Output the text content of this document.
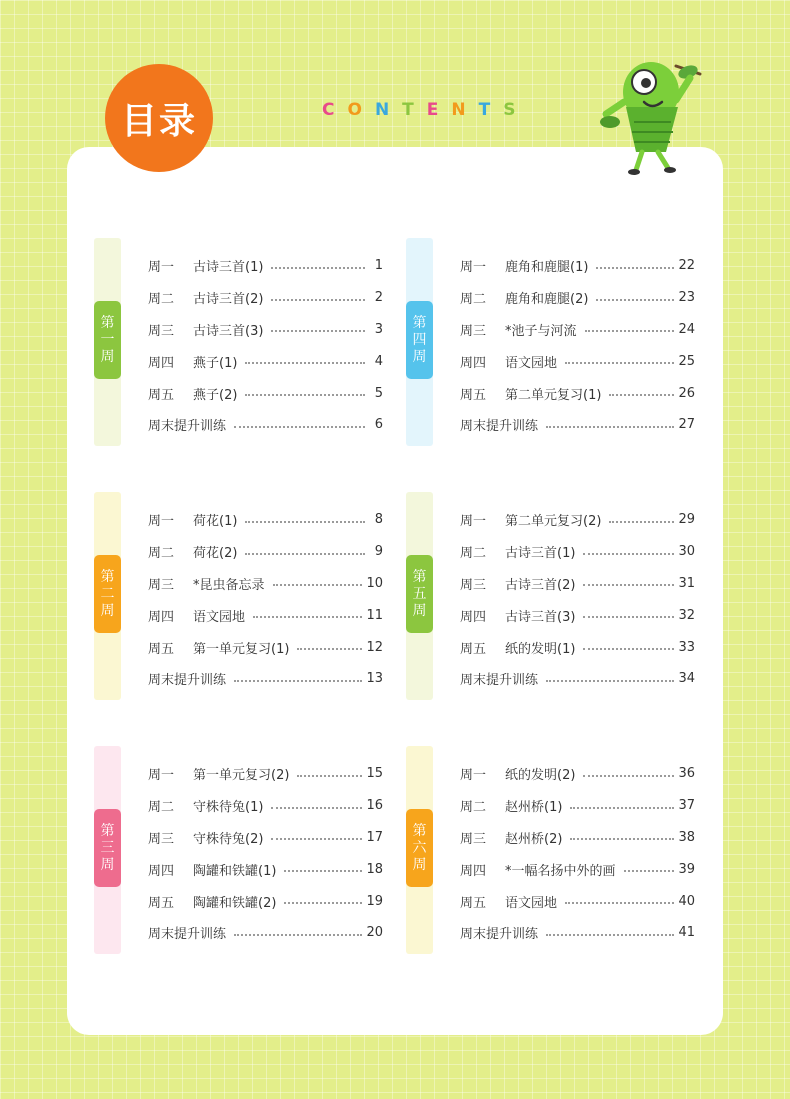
目录	CONTENTS
第
一
周
周一	古诗三首(1)	1
周二	古诗三首(2)	2
周三	古诗三首(3)	3
周四	燕子(1)	4
周五	燕子(2)	5
周末提升训练	6
第
二
周
周一	荷花(1)	8
周二	荷花(2)	9
周三	*昆虫备忘录	10
周四	语文园地	11
周五	第一单元复习(1)	12
周末提升训练	13
第
三
周
周一	第一单元复习(2)	15
周二	守株待兔(1)	16
周三	守株待兔(2)	17
周四	陶罐和铁罐(1)	18
周五	陶罐和铁罐(2)	19
周末提升训练	20
第
四
周
周一	鹿角和鹿腿(1)	22
周二	鹿角和鹿腿(2)	23
周三	*池子与河流	24
周四	语文园地	25
周五	第二单元复习(1)	26
周末提升训练	27
第
五
周
周一	第二单元复习(2)	29
周二	古诗三首(1)	30
周三	古诗三首(2)	31
周四	古诗三首(3)	32
周五	纸的发明(1)	33
周末提升训练	34
第
六
周
周一	纸的发明(2)	36
周二	赵州桥(1)	37
周三	赵州桥(2)	38
周四	*一幅名扬中外的画	39
周五	语文园地	40
周末提升训练	41
